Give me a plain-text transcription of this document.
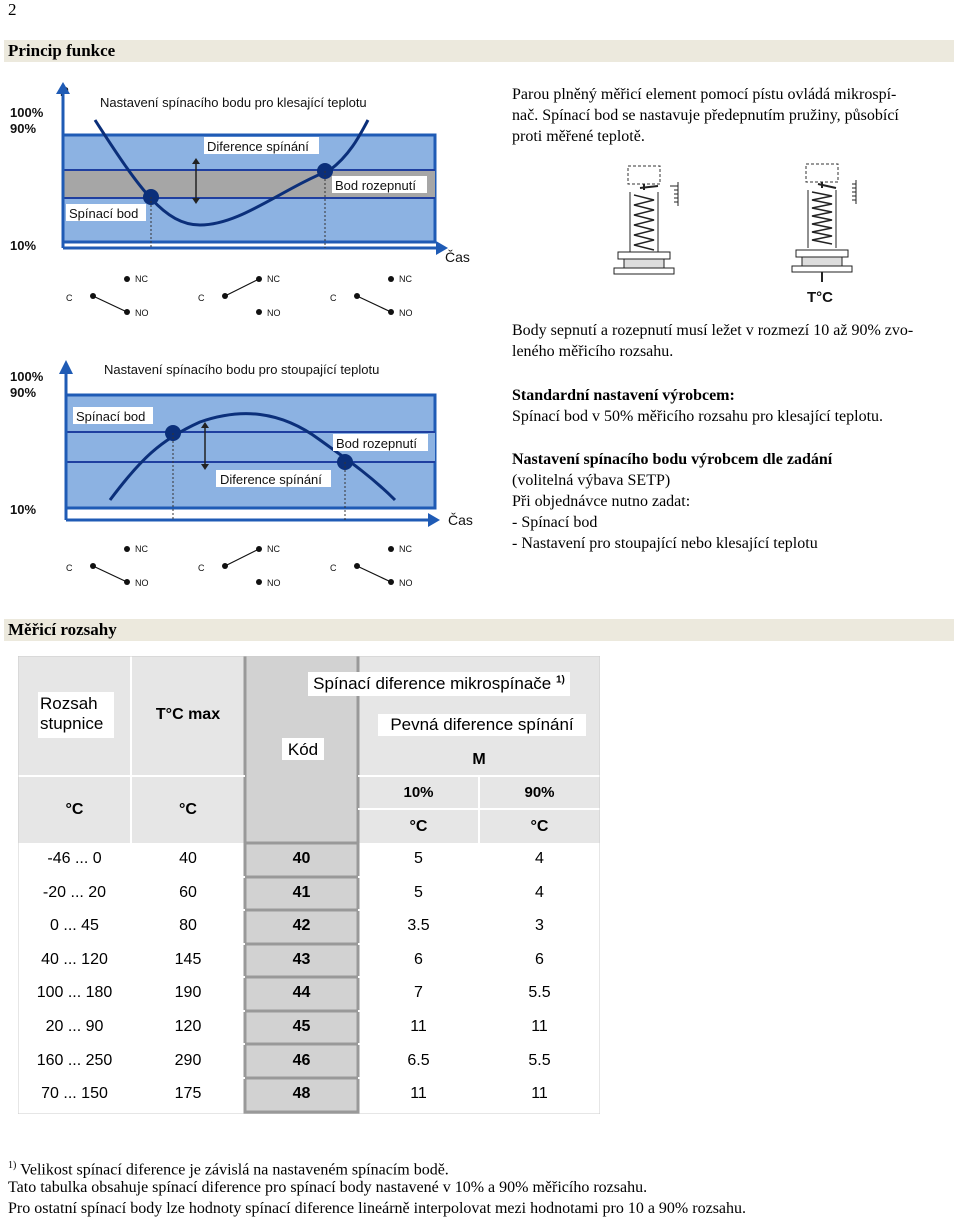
2
Princip funkce
100%
90%
10%
Čas
Nastavení spínacího bodu pro klesající teplotu
Diference spínání
Bod rozepnutí
Spínací bod
NC
C
NO
NC
C
NO
NC
C
NO
100%
90%
10%
Čas
Nastavení spínacího bodu pro stoupající teplotu
Spínací bod
Bod rozepnutí
Diference spínání
NC
C
NO
NC
C
NO
NC
C
NO
Parou plněný měřicí element pomocí pístu ovládá mikrospí-
nač. Spínací bod se nastavuje předepnutím pružiny, působící
proti měřené teplotě.
T°C
Body sepnutí a rozepnutí musí ležet v rozmezí 10 až 90% zvo-
leného měřicího rozsahu.
Standardní nastavení výrobcem:
Spínací bod v 50% měřicího rozsahu pro klesající teplotu.
Nastavení spínacího bodu výrobcem dle zadání
(volitelná výbava SETP)
Při objednávce nutno zadat:
- Spínací bod
- Nastavení pro stoupající nebo klesající teplotu
Měřicí rozsahy
Rozsah
stupnice	T°C max
Kód
Spínací diference mikrospínače $^{1)}$
Pevná diference spínání
M
°C	°C
10%	90%
°C	°C
-46 ... 0	40	40	5	4
-20 ... 20	60	41	5	4
0 ... 45	80	42	3.5	3
40 ... 120	145	43	6	6
100 ... 180	190	44	7	5.5
20 ... 90	120	45	11	11
160 ... 250	290	46	6.5	5.5
70 ... 150	175	48	11	11
$^{1)}$ Velikost spínací diference je závislá na nastaveném spínacím bodě.
Tato tabulka obsahuje spínací diference pro spínací body nastavené v 10% a 90% měřicího rozsahu.
Pro ostatní spínací body lze hodnoty spínací diference lineárně interpolovat mezi hodnotami pro 10 a 90% rozsahu.
